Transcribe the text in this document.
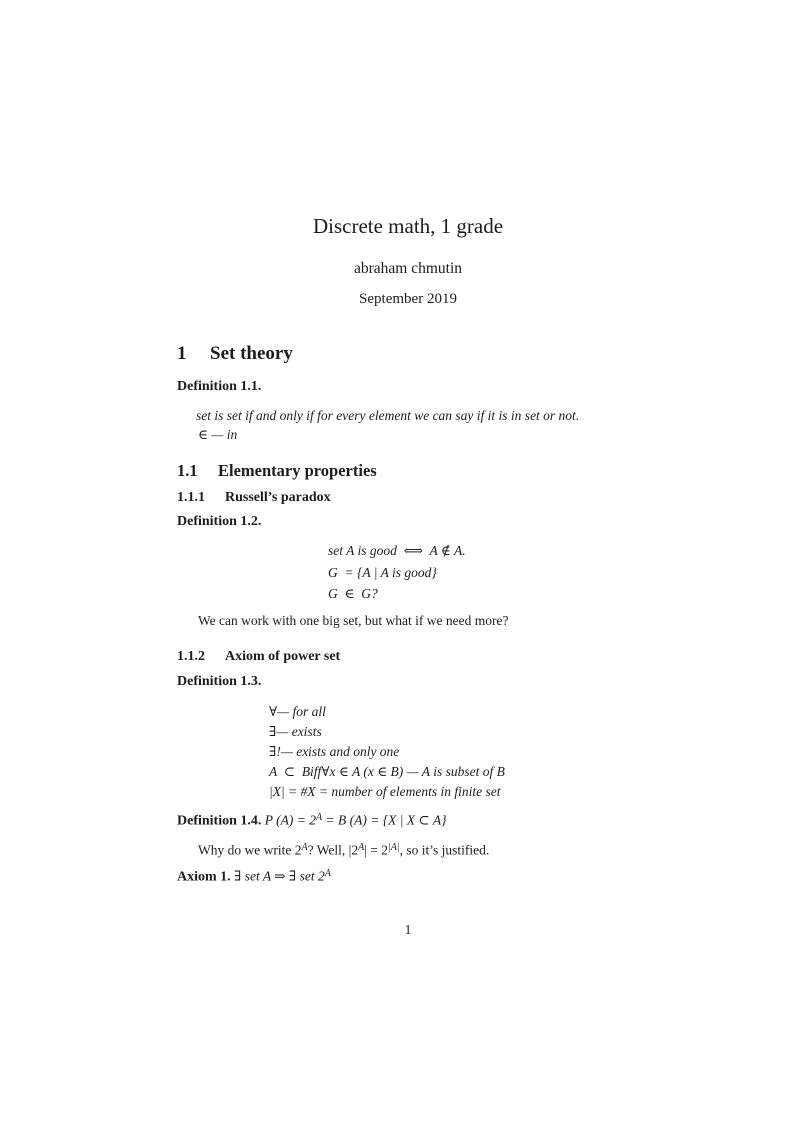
Discrete math, 1 grade
abraham chmutin
September 2019
1 Set theory
Definition 1.1.
set is set if and only if for every element we can say if it is in set or not.
∈ — in
1.1 Elementary properties
1.1.1 Russell’s paradox
Definition 1.2.
set A is good  ⟺  A ∉ A.
G  = {A | A is good}
G  ∈  G?
We can work with one big set, but what if we need more?
1.1.2 Axiom of power set
Definition 1.3.
∀— for all
∃— exists
∃!— exists and only one
A  ⊂  Biff∀x ∈ A (x ∈ B) — A is subset of B
|X| = #X = number of elements in finite set
Definition 1.4. P $(A) = 2^A = B$ (A) = {X | X ⊂ A}
Why do we write $2^A$? Well, $|2^A| = 2^{|A|}$, so it’s justified.
Axiom 1. ∃ set A ⇒ ∃ set $2^A$
1
